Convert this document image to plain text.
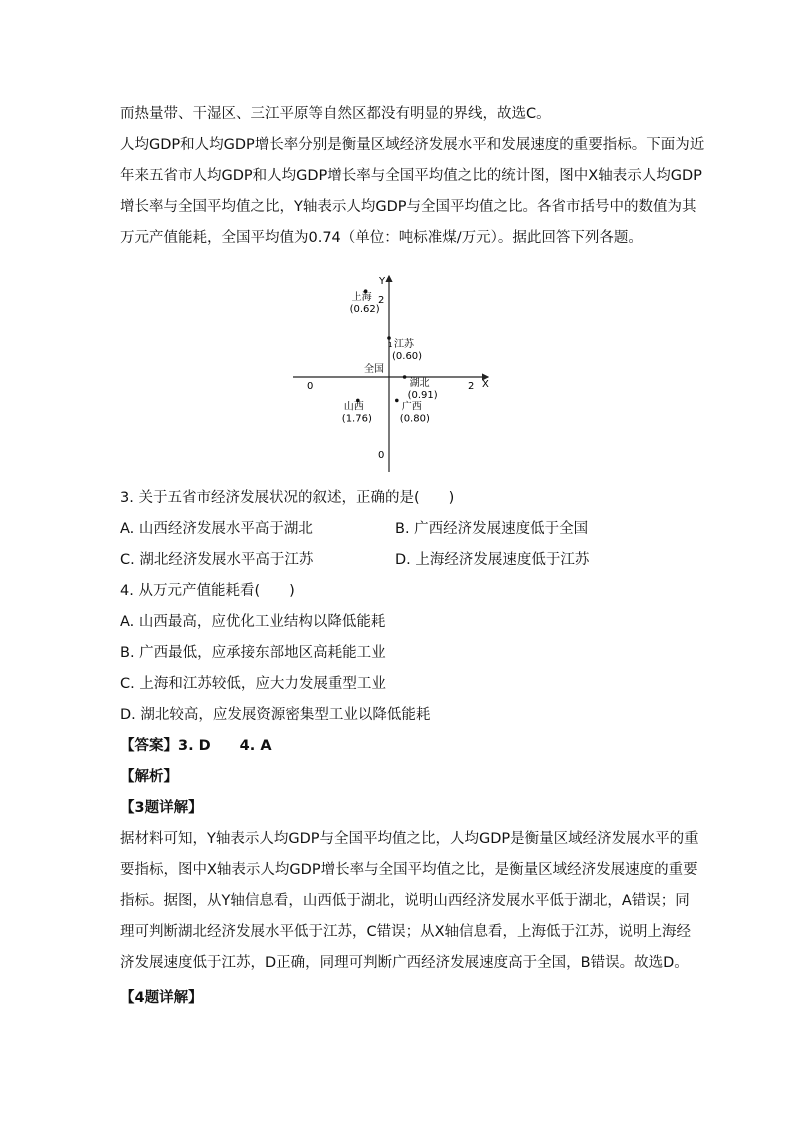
而热量带、干湿区、三江平原等自然区都没有明显的界线，故选C。
人均GDP和人均GDP增长率分别是衡量区域经济发展水平和发展速度的重要指标。下面为近
年来五省市人均GDP和人均GDP增长率与全国平均值之比的统计图，图中X轴表示人均GDP
增长率与全国平均值之比，Y轴表示人均GDP与全国平均值之比。各省市括号中的数值为其
万元产值能耗，全国平均值为0.74（单位：吨标准煤/万元）。据此回答下列各题。
X
Y
0	2
2
1
0
全国
上海
(0.62)
江苏
(0.60)
湖北
(0.91)
山西
(1.76)
广西
(0.80)
3. 关于五省市经济发展状况的叙述，正确的是(　　)
A. 山西经济发展水平高于湖北	B. 广西经济发展速度低于全国
C. 湖北经济发展水平高于江苏	D. 上海经济发展速度低于江苏
4. 从万元产值能耗看(　　)
A. 山西最高，应优化工业结构以降低能耗
B. 广西最低，应承接东部地区高耗能工业
C. 上海和江苏较低，应大力发展重型工业
D. 湖北较高，应发展资源密集型工业以降低能耗
【答案】3. D　　4. A
【解析】
【3题详解】
据材料可知，Y轴表示人均GDP与全国平均值之比，人均GDP是衡量区域经济发展水平的重
要指标，图中X轴表示人均GDP增长率与全国平均值之比，是衡量区域经济发展速度的重要
指标。据图，从Y轴信息看，山西低于湖北，说明山西经济发展水平低于湖北，A错误；同
理可判断湖北经济发展水平低于江苏，C错误；从X轴信息看，上海低于江苏，说明上海经
济发展速度低于江苏，D正确，同理可判断广西经济发展速度高于全国，B错误。故选D。
【4题详解】
